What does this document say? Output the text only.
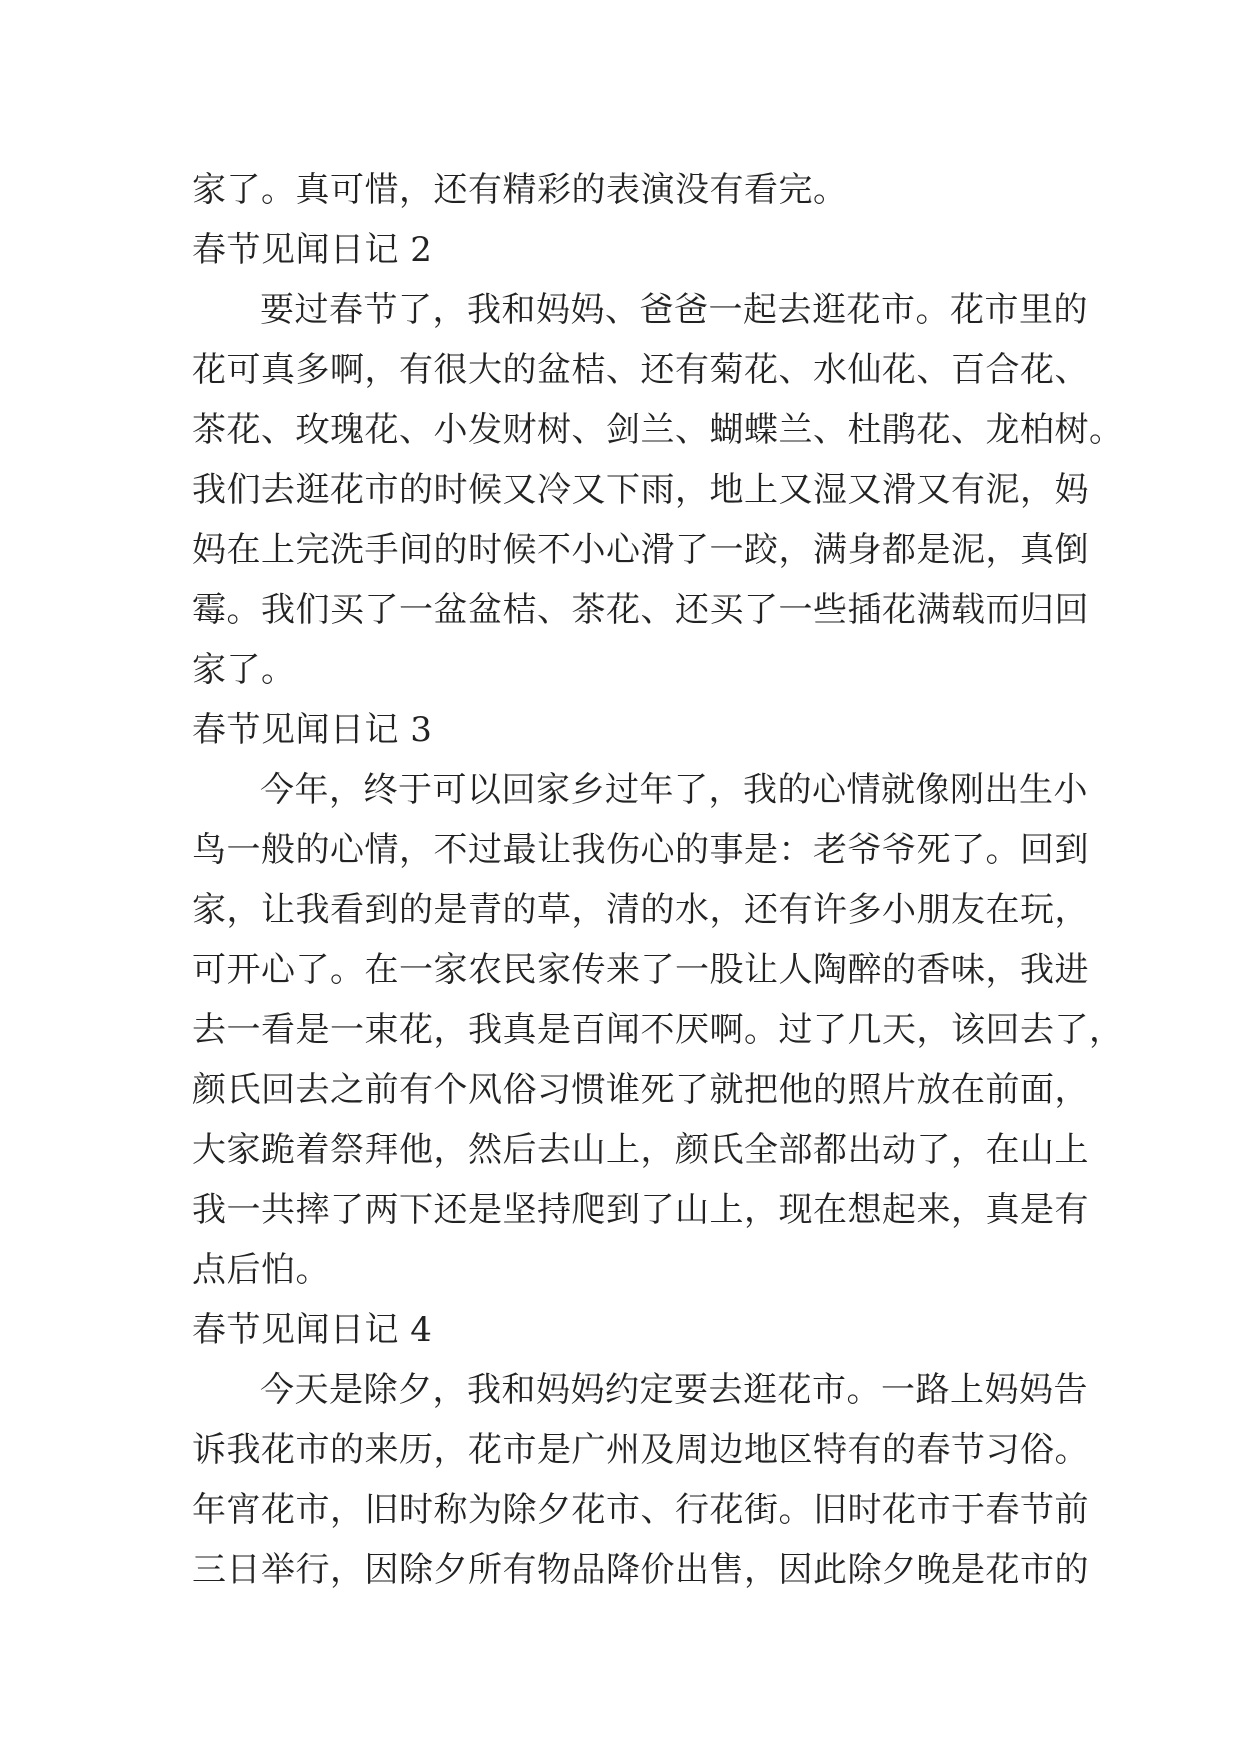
家了。真可惜，还有精彩的表演没有看完。
春节见闻日记 2
要过春节了，我和妈妈、爸爸一起去逛花市。花市里的
花可真多啊，有很大的盆桔、还有菊花、水仙花、百合花、
茶花、玫瑰花、小发财树、剑兰、蝴蝶兰、杜鹃花、龙柏树。
我们去逛花市的时候又冷又下雨，地上又湿又滑又有泥，妈
妈在上完洗手间的时候不小心滑了一跤，满身都是泥，真倒
霉。我们买了一盆盆桔、茶花、还买了一些插花满载而归回
家了。
春节见闻日记 3
今年，终于可以回家乡过年了，我的心情就像刚出生小
鸟一般的心情，不过最让我伤心的事是：老爷爷死了。回到
家，让我看到的是青的草，清的水，还有许多小朋友在玩，
可开心了。在一家农民家传来了一股让人陶醉的香味，我进
去一看是一束花，我真是百闻不厌啊。过了几天，该回去了，
颜氏回去之前有个风俗习惯谁死了就把他的照片放在前面，
大家跪着祭拜他，然后去山上，颜氏全部都出动了，在山上
我一共摔了两下还是坚持爬到了山上，现在想起来，真是有
点后怕。
春节见闻日记 4
今天是除夕，我和妈妈约定要去逛花市。一路上妈妈告
诉我花市的来历，花市是广州及周边地区特有的春节习俗。
年宵花市，旧时称为除夕花市、行花街。旧时花市于春节前
三日举行，因除夕所有物品降价出售，因此除夕晚是花市的
